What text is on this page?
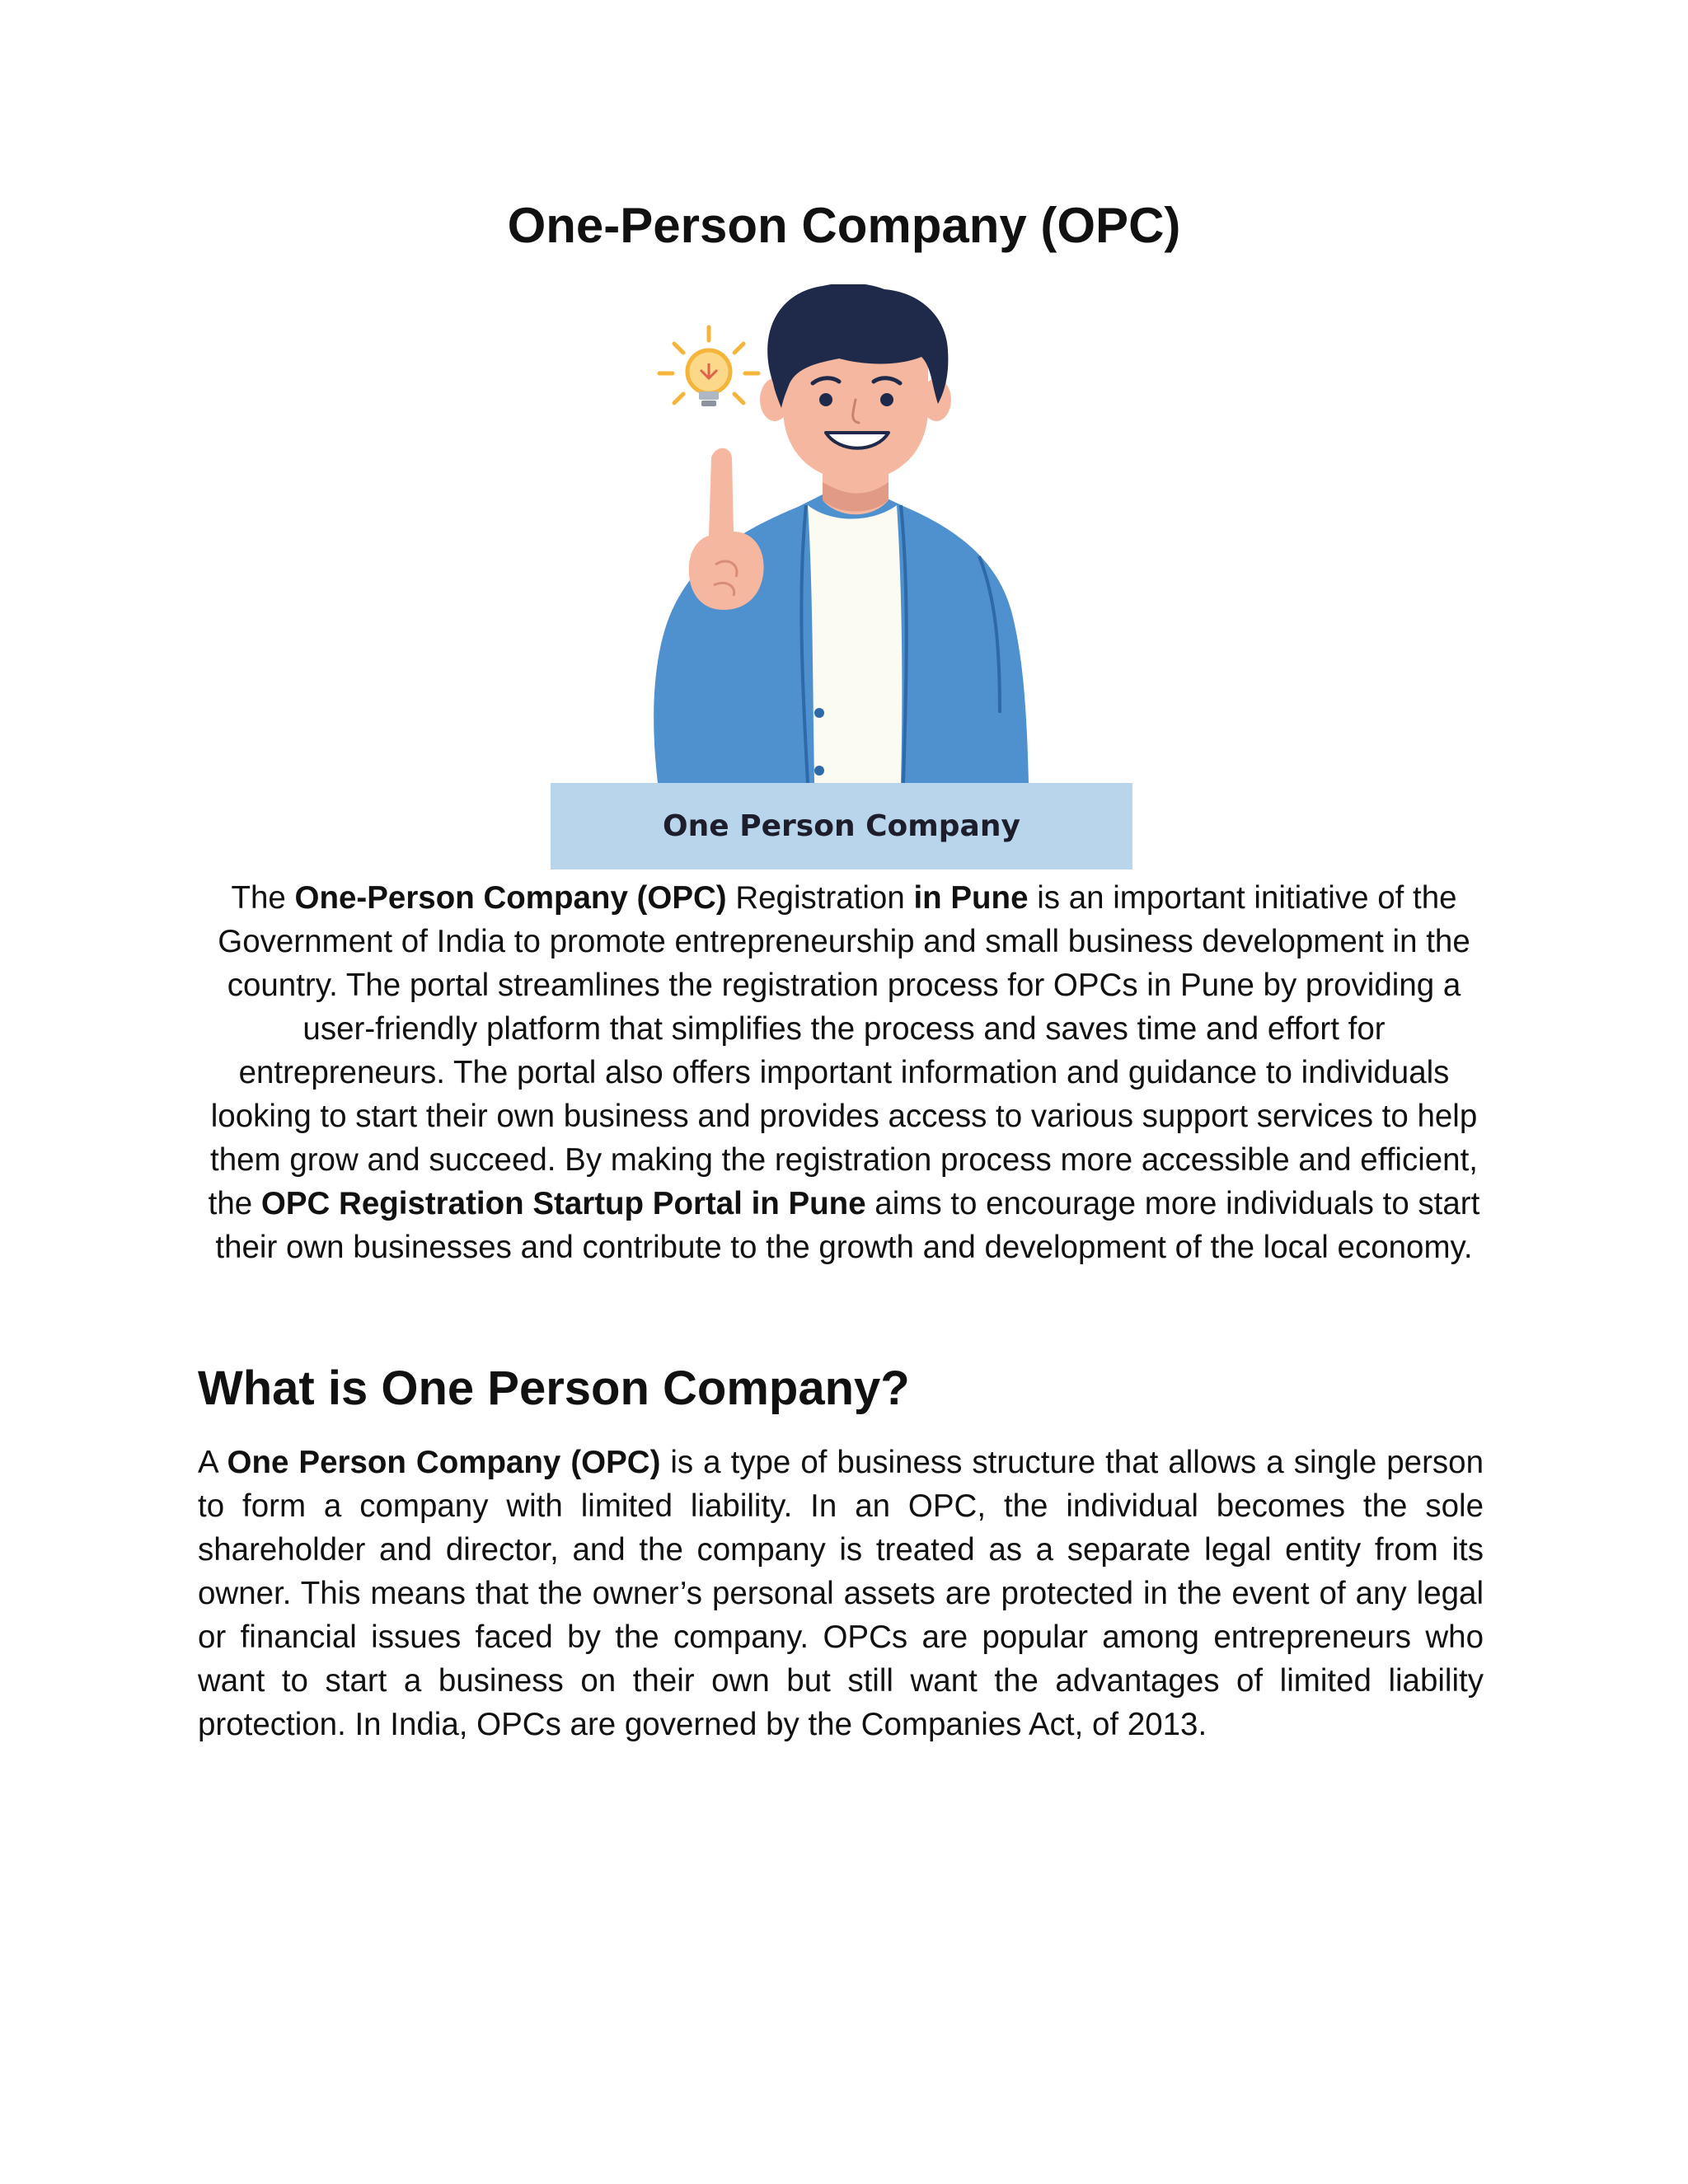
One-Person Company (OPC)
One Person Company

The One-Person Company (OPC) Registration in Pune is an important initiative of the Government of India to promote entrepreneurship and small business development in the country. The portal streamlines the registration process for OPCs in Pune by providing a user-friendly platform that simplifies the process and saves time and effort for entrepreneurs. The portal also offers important information and guidance to individuals looking to start their own business and provides access to various support services to help them grow and succeed. By making the registration process more accessible and efficient, the OPC Registration Startup Portal in Pune aims to encourage more individuals to start their own businesses and contribute to the growth and development of the local economy.

What is One Person Company?

A One Person Company (OPC) is a type of business structure that allows a single person to form a company with limited liability. In an OPC, the individual becomes the sole shareholder and director, and the company is treated as a separate legal entity from its owner. This means that the owner’s personal assets are protected in the event of any legal or financial issues faced by the company. OPCs are popular among entrepreneurs who want to start a business on their own but still want the advantages of limited liability protection. In India, OPCs are governed by the Companies Act, of 2013.
